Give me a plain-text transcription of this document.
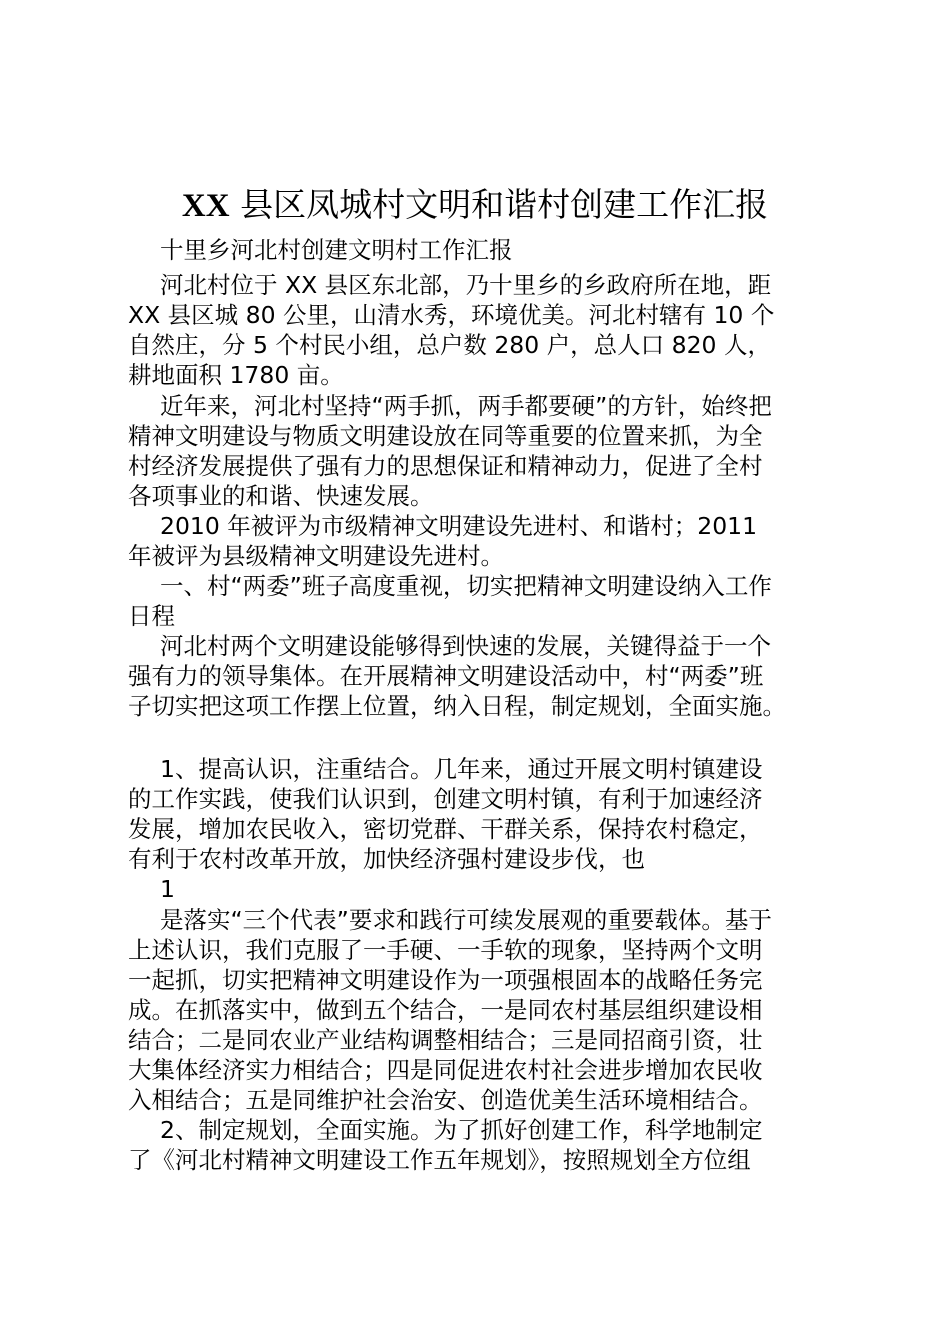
XX 县区凤城村文明和谐村创建工作汇报
十里乡河北村创建文明村工作汇报
河北村位于 XX 县区东北部，乃十里乡的乡政府所在地，距
XX 县区城 80 公里，山清水秀，环境优美。河北村辖有 10 个
自然庄，分 5 个村民小组，总户数 280 户，总人口 820 人，
耕地面积 1780 亩。
近年来，河北村坚持“两手抓，两手都要硬”的方针，始终把
精神文明建设与物质文明建设放在同等重要的位置来抓，为全
村经济发展提供了强有力的思想保证和精神动力，促进了全村
各项事业的和谐、快速发展。
2010 年被评为市级精神文明建设先进村、和谐村；2011
年被评为县级精神文明建设先进村。
一、村“两委”班子高度重视，切实把精神文明建设纳入工作
日程
河北村两个文明建设能够得到快速的发展，关键得益于一个
强有力的领导集体。在开展精神文明建设活动中，村“两委”班
子切实把这项工作摆上位置，纳入日程，制定规划，全面实施。
1、提高认识，注重结合。几年来，通过开展文明村镇建设
的工作实践，使我们认识到，创建文明村镇，有利于加速经济
发展，增加农民收入，密切党群、干群关系，保持农村稳定，
有利于农村改革开放，加快经济强村建设步伐，也
1
是落实“三个代表”要求和践行可续发展观的重要载体。基于
上述认识，我们克服了一手硬、一手软的现象，坚持两个文明
一起抓，切实把精神文明建设作为一项强根固本的战略任务完
成。在抓落实中，做到五个结合，一是同农村基层组织建设相
结合；二是同农业产业结构调整相结合；三是同招商引资，壮
大集体经济实力相结合；四是同促进农村社会进步增加农民收
入相结合；五是同维护社会治安、创造优美生活环境相结合。
2、制定规划，全面实施。为了抓好创建工作，科学地制定
了《河北村精神文明建设工作五年规划》，按照规划全方位组
